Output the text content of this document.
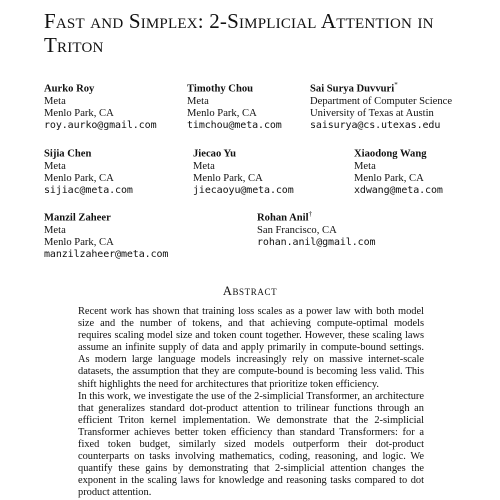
Fast and Simplex: 2-Simplicial Attention in Triton
Aurko Roy
Meta
Menlo Park, CA
roy.aurko@gmail.com
Timothy Chou
Meta
Menlo Park, CA
timchou@meta.com
Sai Surya Duvvuri*
Department of Computer Science
University of Texas at Austin
saisurya@cs.utexas.edu
Sijia Chen
Meta
Menlo Park, CA
sijiac@meta.com
Jiecao Yu
Meta
Menlo Park, CA
jiecaoyu@meta.com
Xiaodong Wang
Meta
Menlo Park, CA
xdwang@meta.com
Manzil Zaheer
Meta
Menlo Park, CA
manzilzaheer@meta.com
Rohan Anil†
San Francisco, CA
rohan.anil@gmail.com
Abstract

Recent work has shown that training loss scales as a power law with both model size and the number of tokens, and that achieving compute-optimal models requires scaling model size and token count together. However, these scaling laws assume an infinite supply of data and apply primarily in compute-bound settings. As modern large language models increasingly rely on massive internet-scale datasets, the assumption that they are compute-bound is becoming less valid. This shift highlights the need for architectures that prioritize token efficiency.

In this work, we investigate the use of the 2-simplicial Transformer, an architecture that generalizes standard dot-product attention to trilinear functions through an efficient Triton kernel implementation. We demonstrate that the 2-simplicial Transformer achieves better token efficiency than standard Transformers: for a fixed token budget, similarly sized models outperform their dot-product counterparts on tasks involving mathematics, coding, reasoning, and logic. We quantify these gains by demonstrating that 2-simplicial attention changes the exponent in the scaling laws for knowledge and reasoning tasks compared to dot product attention.
